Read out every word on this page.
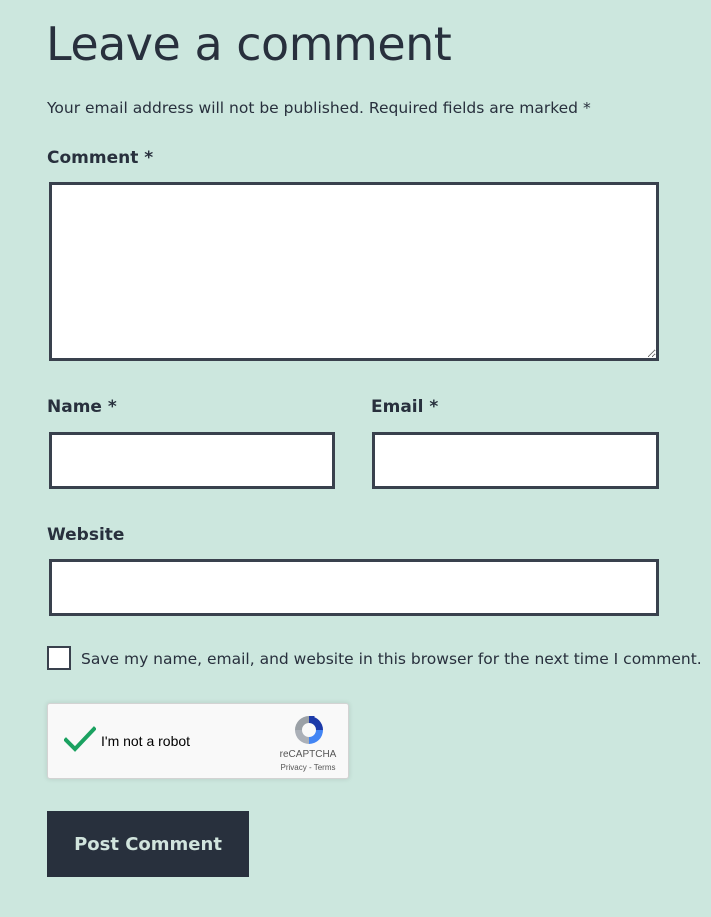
Leave a comment
Your email address will not be published. Required fields are marked *
Comment *
Name *	Email *
Website
Save my name, email, and website in this browser for the next time I comment.
I'm not a robot
reCAPTCHA
Privacy - Terms
Post Comment
